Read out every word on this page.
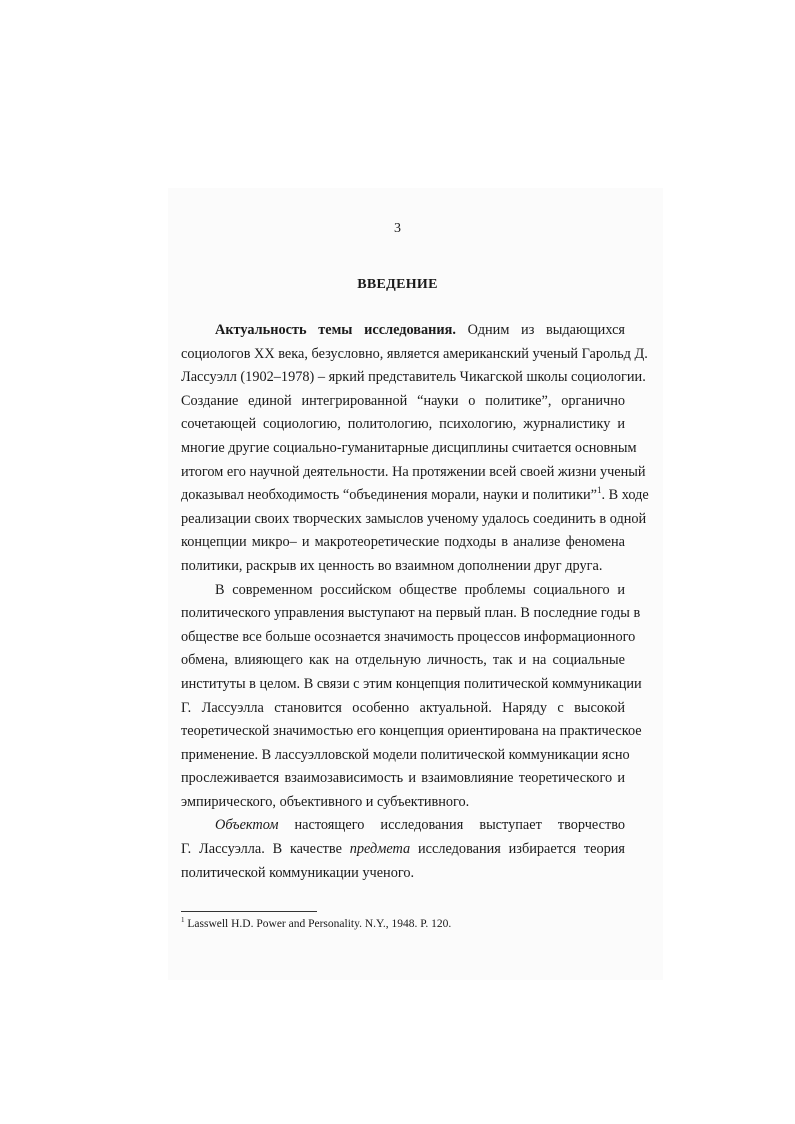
3
ВВЕДЕНИЕ
Актуальность темы исследования. Одним из выдающихся
социологов XX века, безусловно, является американский ученый Гарольд Д.
Лассуэлл (1902–1978) – яркий представитель Чикагской школы социологии.
Создание единой интегрированной “науки о политике”, органично
сочетающей социологию, политологию, психологию, журналистику и
многие другие социально-гуманитарные дисциплины считается основным
итогом его научной деятельности. На протяжении всей своей жизни ученый
доказывал необходимость “объединения морали, науки и политики”$^1$. В ходе
реализации своих творческих замыслов ученому удалось соединить в одной
концепции микро– и макротеоретические подходы в анализе феномена
политики, раскрыв их ценность во взаимном дополнении друг друга.
В современном российском обществе проблемы социального и
политического управления выступают на первый план. В последние годы в
обществе все больше осознается значимость процессов информационного
обмена, влияющего как на отдельную личность, так и на социальные
институты в целом. В связи с этим концепция политической коммуникации
Г. Лассуэлла становится особенно актуальной. Наряду с высокой
теоретической значимостью его концепция ориентирована на практическое
применение. В лассуэлловской модели политической коммуникации ясно
прослеживается взаимозависимость и взаимовлияние теоретического и
эмпирического, объективного и субъективного.
Объектом настоящего исследования выступает творчество
Г. Лассуэлла. В качестве предмета исследования избирается теория
политической коммуникации ученого.
$^1$ Lasswell H.D. Power and Personality. N.Y., 1948. P. 120.
